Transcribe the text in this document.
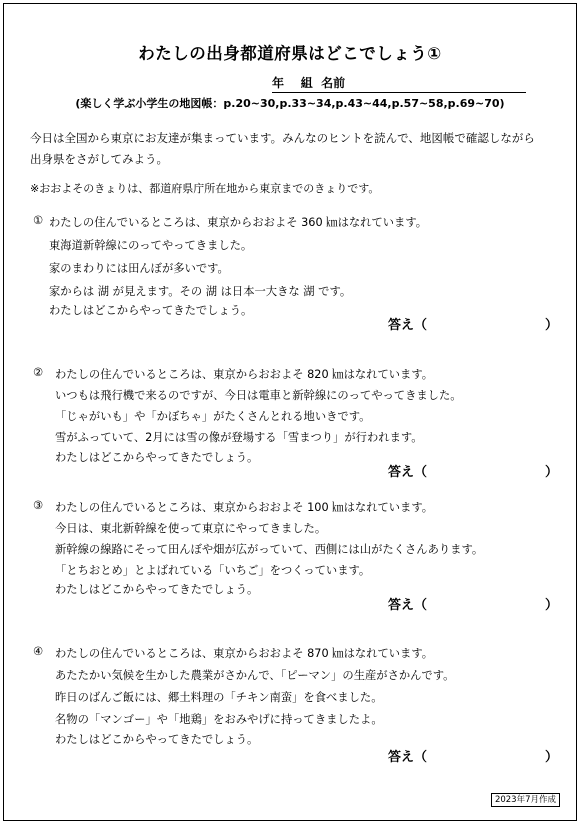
わたしの出身都道府県はどこでしょう①
年    組  名前
(楽しく学ぶ小学生の地図帳：p.20~30,p.33~34,p.43~44,p.57~58,p.69~70)
今日は全国から東京にお友達が集まっています。みんなのヒントを読んで、地図帳で確認しながら
出身県をさがしてみよう。
※おおよそのきょりは、都道府県庁所在地から東京までのきょりです。
① わたしの住んでいるところは、東京からおおよそ 360 ㎞はなれています。
東海道新幹線にのってやってきました。
家のまわりには田んぼが多いです。
家からは 湖 が見えます。その 湖 は日本一大きな 湖 です。
わたしはどこからやってきたでしょう。
答え（	）
② わたしの住んでいるところは、東京からおおよそ 820 ㎞はなれています。
いつもは飛行機で来るのですが、今日は電車と新幹線にのってやってきました。
「じゃがいも」や「かぼちゃ」がたくさんとれる地いきです。
雪がふっていて、2月には雪の像が登場する「雪まつり」が行われます。
わたしはどこからやってきたでしょう。
答え（	）
③ わたしの住んでいるところは、東京からおおよそ 100 ㎞はなれています。
今日は、東北新幹線を使って東京にやってきました。
新幹線の線路にそって田んぼや畑が広がっていて、西側には山がたくさんあります。
「とちおとめ」とよばれている「いちご」をつくっています。
わたしはどこからやってきたでしょう。
答え（	）
④ わたしの住んでいるところは、東京からおおよそ 870 ㎞はなれています。
あたたかい気候を生かした農業がさかんで、「ピーマン」の生産がさかんです。
昨日のばんご飯には、郷土料理の「チキン南蛮」を食べました。
名物の「マンゴー」や「地鶏」をおみやげに持ってきましたよ。
わたしはどこからやってきたでしょう。
答え（	）
2023年7月作成
